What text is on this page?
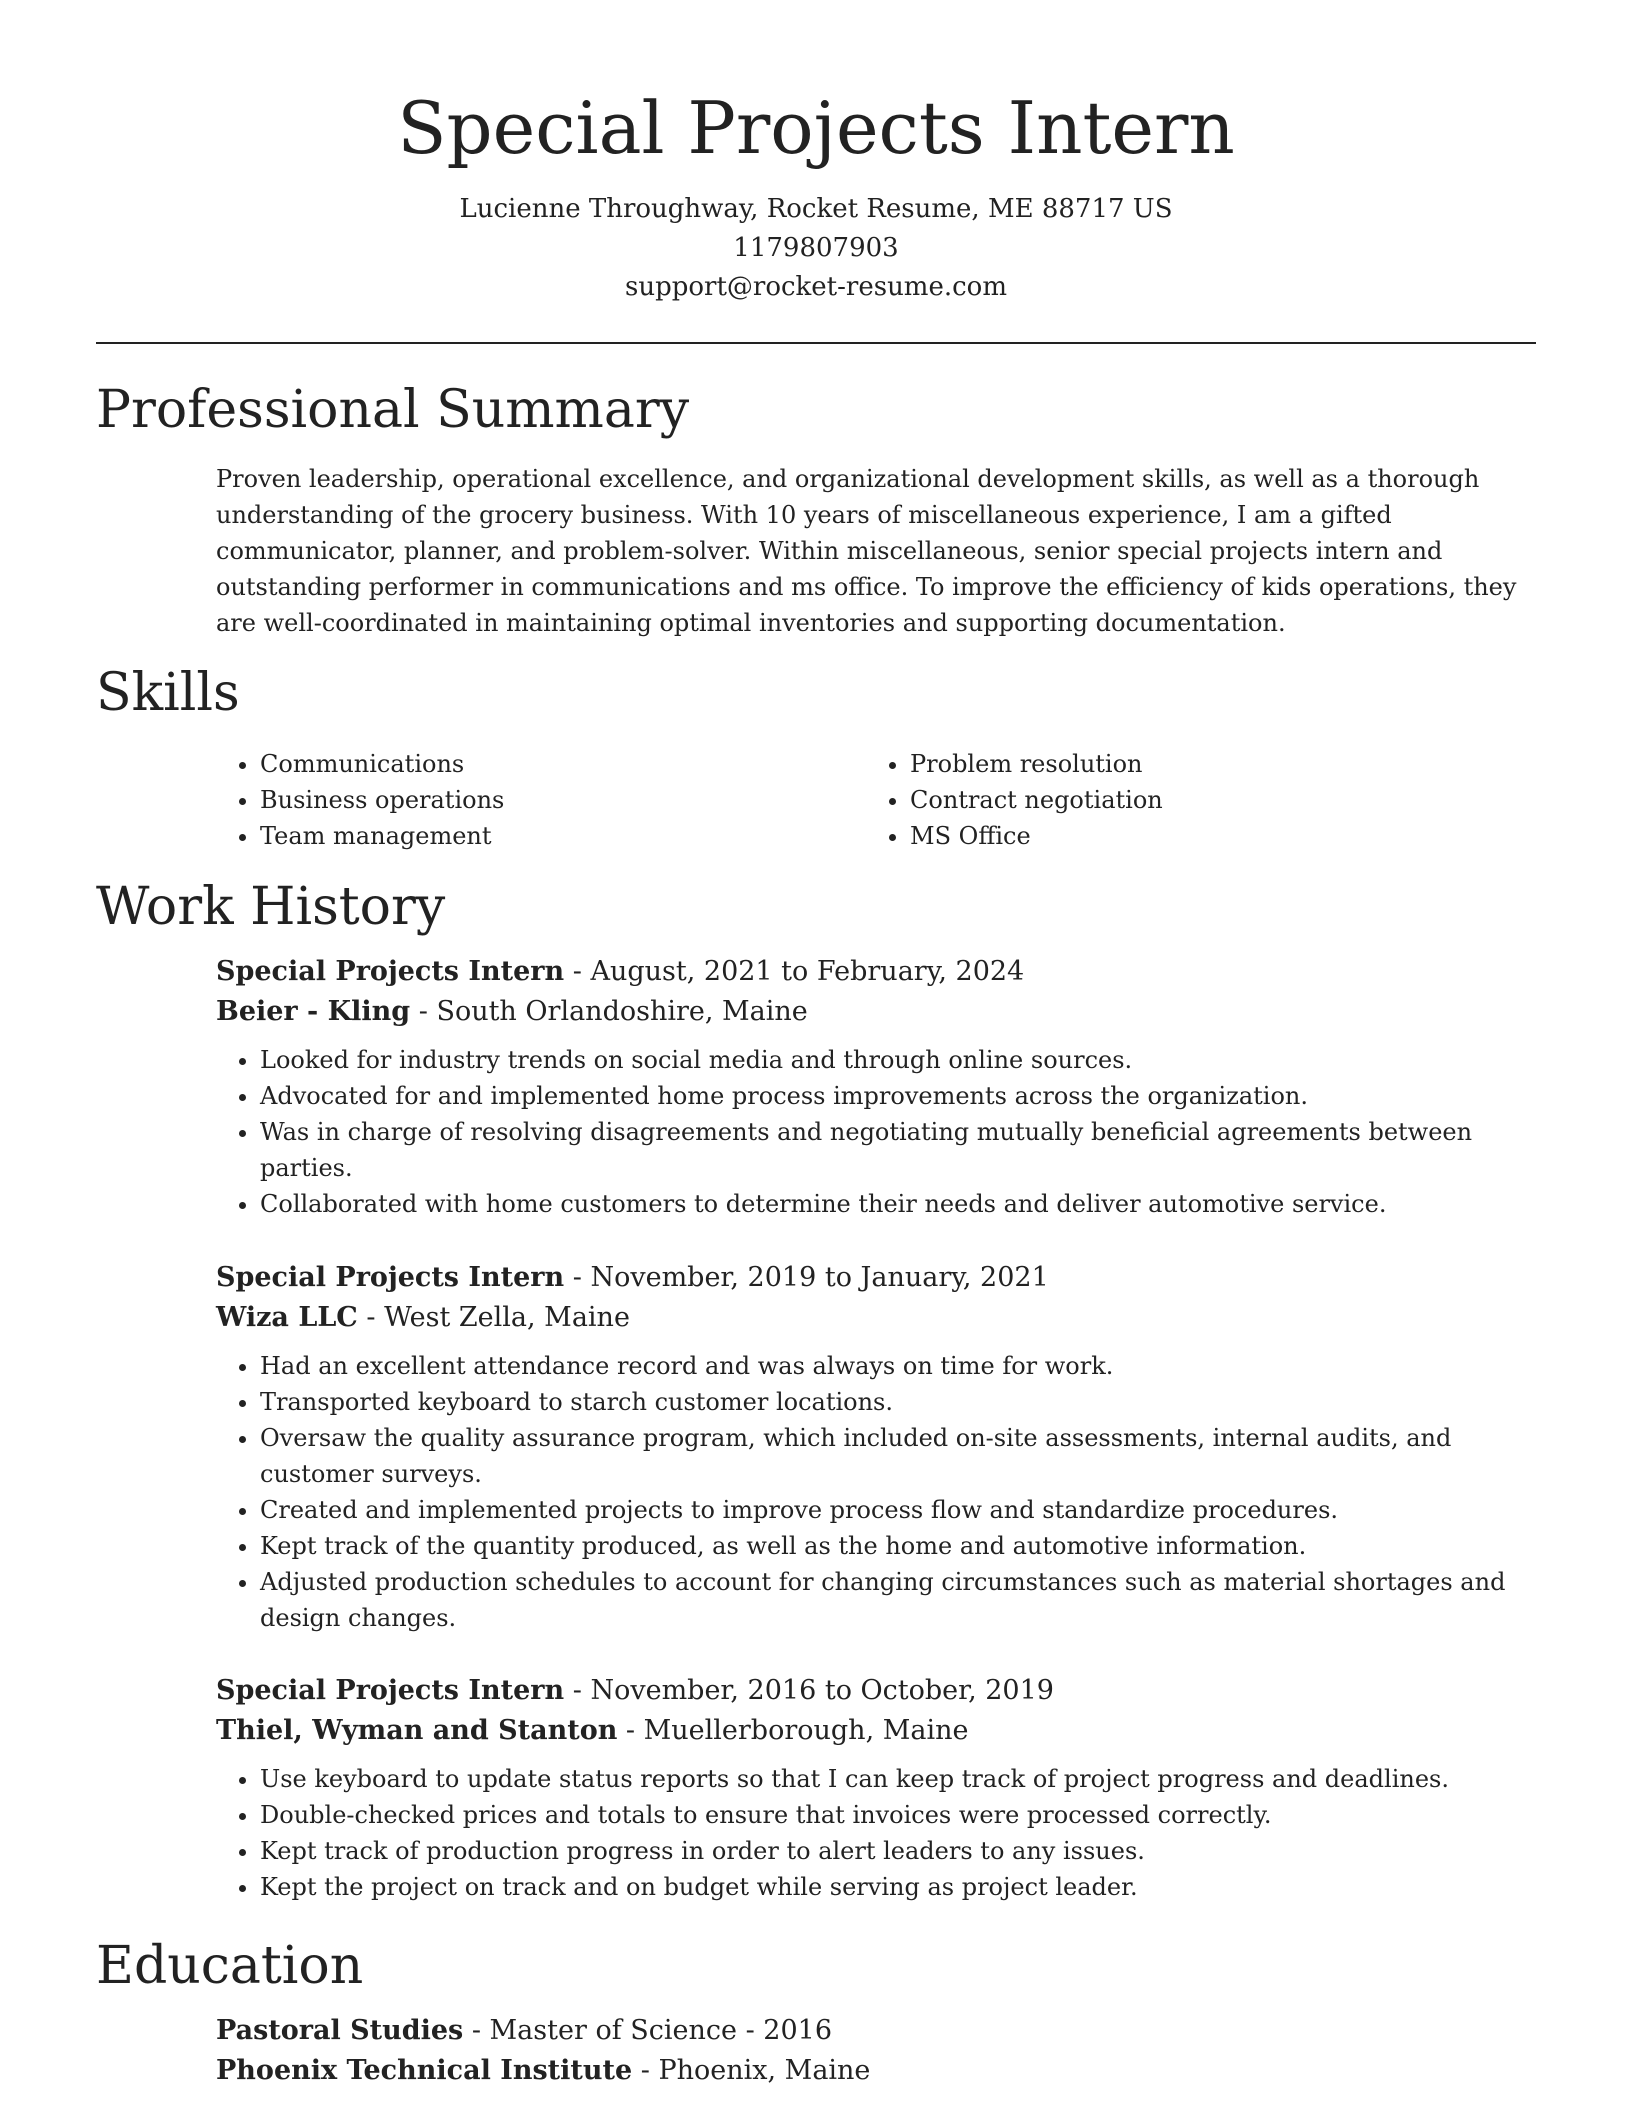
Special Projects Intern
Lucienne Throughway, Rocket Resume, ME 88717 US
1179807903
support@rocket-resume.com
Professional Summary

Proven leadership, operational excellence, and organizational development skills, as well as a thorough understanding of the grocery business. With 10 years of miscellaneous experience, I am a gifted communicator, planner, and problem-solver. Within miscellaneous, senior special projects intern and outstanding performer in communications and ms office. To improve the efficiency of kids operations, they are well-coordinated in maintaining optimal inventories and supporting documentation.

Skills
• Communications
• Business operations
• Team management
• Problem resolution
• Contract negotiation
• MS Office
Work History
Special Projects Intern - August, 2021 to February, 2024
Beier - Kling - South Orlandoshire, Maine
• Looked for industry trends on social media and through online sources.
• Advocated for and implemented home process improvements across the organization.
• Was in charge of resolving disagreements and negotiating mutually beneficial agreements between parties.
• Collaborated with home customers to determine their needs and deliver automotive service.
Special Projects Intern - November, 2019 to January, 2021
Wiza LLC - West Zella, Maine
• Had an excellent attendance record and was always on time for work.
• Transported keyboard to starch customer locations.
• Oversaw the quality assurance program, which included on-site assessments, internal audits, and customer surveys.
• Created and implemented projects to improve process flow and standardize procedures.
• Kept track of the quantity produced, as well as the home and automotive information.
• Adjusted production schedules to account for changing circumstances such as material shortages and design changes.
Special Projects Intern - November, 2016 to October, 2019
Thiel, Wyman and Stanton - Muellerborough, Maine
• Use keyboard to update status reports so that I can keep track of project progress and deadlines.
• Double-checked prices and totals to ensure that invoices were processed correctly.
• Kept track of production progress in order to alert leaders to any issues.
• Kept the project on track and on budget while serving as project leader.
Education
Pastoral Studies - Master of Science - 2016
Phoenix Technical Institute - Phoenix, Maine
